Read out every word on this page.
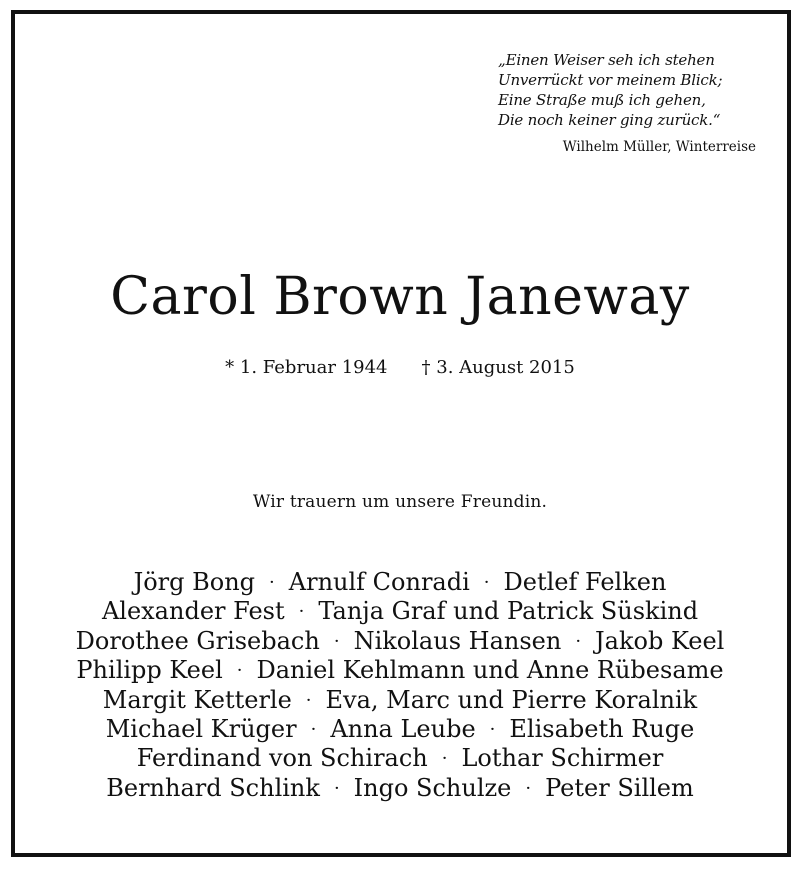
„Einen Weiser seh ich stehen
Unverrückt vor meinem Blick;
Eine Straße muß ich gehen,
Die noch keiner ging zurück.“
Wilhelm Müller, Winterreise
Carol Brown Janeway
* 1. Februar 1944 † 3. August 2015
Wir trauern um unsere Freundin.
Jörg Bong · Arnulf Conradi · Detlef Felken
Alexander Fest · Tanja Graf und Patrick Süskind
Dorothee Grisebach · Nikolaus Hansen · Jakob Keel
Philipp Keel · Daniel Kehlmann und Anne Rübesame
Margit Ketterle · Eva, Marc und Pierre Koralnik
Michael Krüger · Anna Leube · Elisabeth Ruge
Ferdinand von Schirach · Lothar Schirmer
Bernhard Schlink · Ingo Schulze · Peter Sillem
